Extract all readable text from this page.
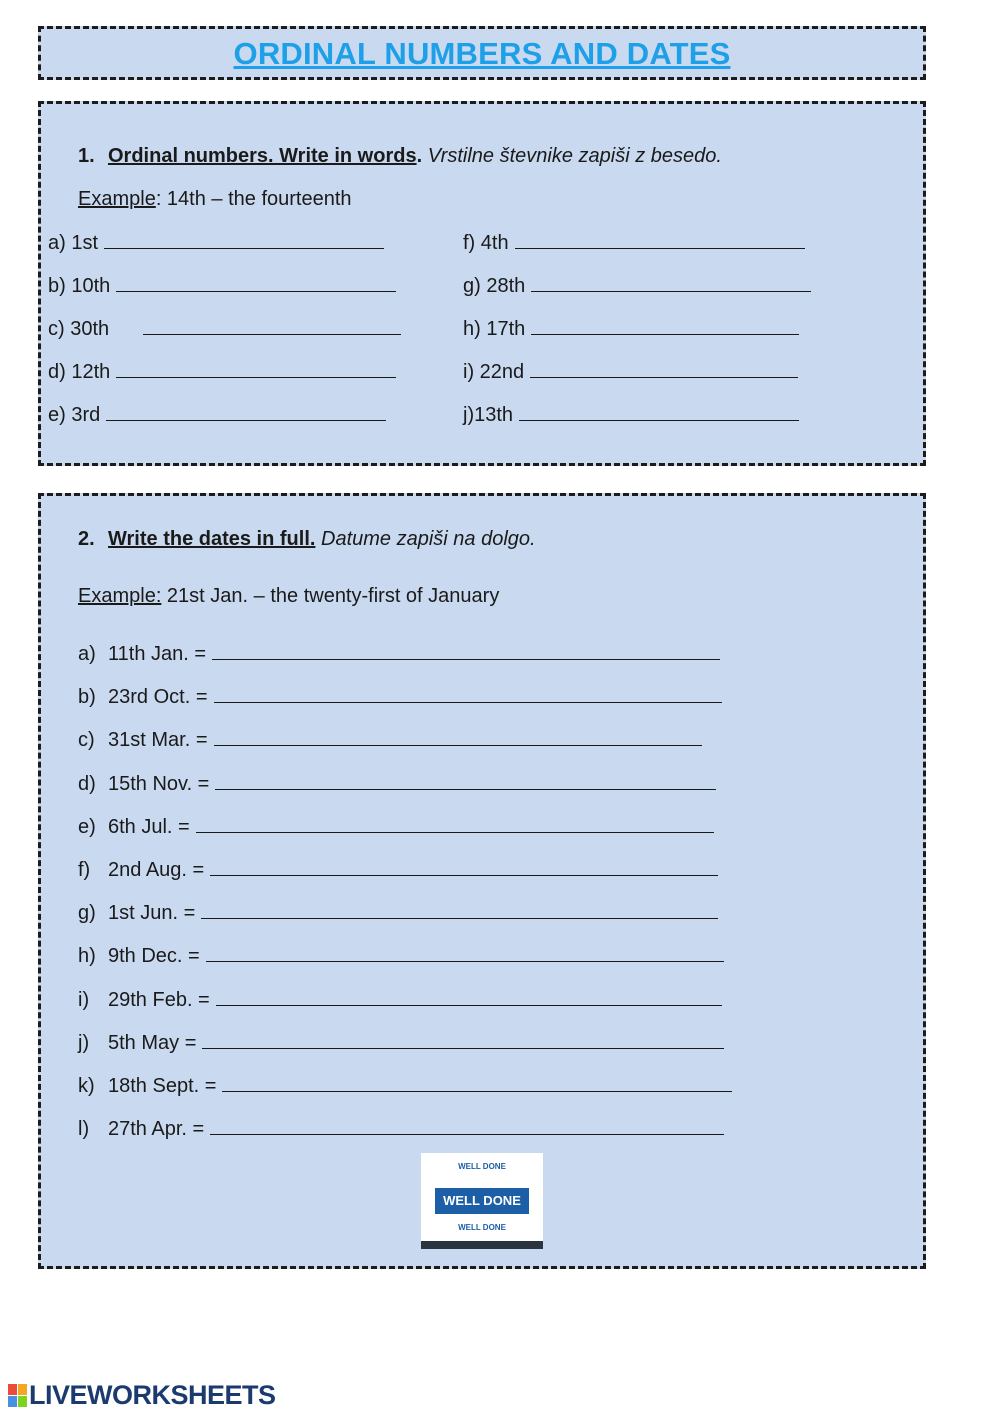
ORDINAL NUMBERS AND DATES
1. Ordinal numbers. Write in words. Vrstilne števnike zapiši z besedo.
Example: 14th – the fourteenth
2. Write the dates in full. Datume zapiši na dolgo.
Example: 21st Jan. – the twenty-first of January
WELL DONE
WELL DONE
WELL DONE
LIVEWORKSHEETS
a) 1st
b) 10th
c) 30th
d) 12th
e) 3rd
f) 4th
g) 28th
h) 17th
i) 22nd
j)13th
a) 11th Jan. =
b) 23rd Oct. =
c) 31st Mar. =
d) 15th Nov. =
e) 6th Jul. =
f) 2nd Aug. =
g) 1st Jun. =
h) 9th Dec. =
i) 29th Feb. =
j) 5th May =
k) 18th Sept. =
l) 27th Apr. =
